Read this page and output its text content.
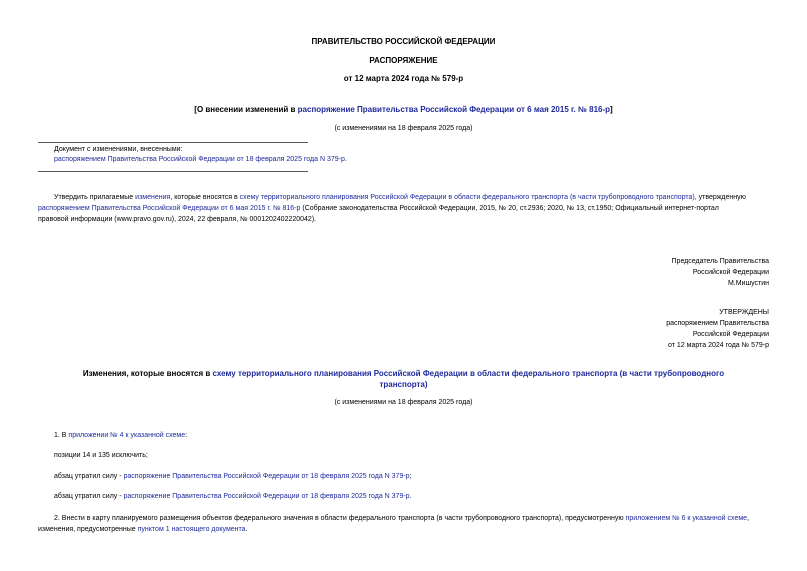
ПРАВИТЕЛЬСТВО РОССИЙСКОЙ ФЕДЕРАЦИИ
РАСПОРЯЖЕНИЕ
от 12 марта 2024 года № 579-р
[О внесении изменений в распоряжение Правительства Российской Федерации от 6 мая 2015 г. № 816-р]
(с изменениями на 18 февраля 2025 года)
Документ с изменениями, внесенными:
распоряжением Правительства Российской Федерации от 18 февраля 2025 года N 379-р.
Утвердить прилагаемые изменения, которые вносятся в схему территориального планирования Российской Федерации в области федерального транспорта (в части трубопроводного транспорта), утвержденную
распоряжением Правительства Российской Федерации от 6 мая 2015 г. № 816-р (Собрание законодательства Российской Федерации, 2015, № 20, ст.2936; 2020, № 13, ст.1950; Официальный интернет-портал
правовой информации (www.pravo.gov.ru), 2024, 22 февраля, № 0001202402220042).
Председатель Правительства
Российской Федерации
М.Мишустин
УТВЕРЖДЕНЫ
распоряжением Правительства
Российской Федерации
от 12 марта 2024 года № 579-р
Изменения, которые вносятся в схему территориального планирования Российской Федерации в области федерального транспорта (в части трубопроводного
транспорта)
(с изменениями на 18 февраля 2025 года)
1. В приложении № 4 к указанной схеме:
позиции 14 и 135 исключить;
абзац утратил силу - распоряжение Правительства Российской Федерации от 18 февраля 2025 года N 379-р;
абзац утратил силу - распоряжение Правительства Российской Федерации от 18 февраля 2025 года N 379-р.
2. Внести в карту планируемого размещения объектов федерального значения в области федерального транспорта (в части трубопроводного транспорта), предусмотренную приложением № 6 к указанной схеме,
изменения, предусмотренные пунктом 1 настоящего документа.
